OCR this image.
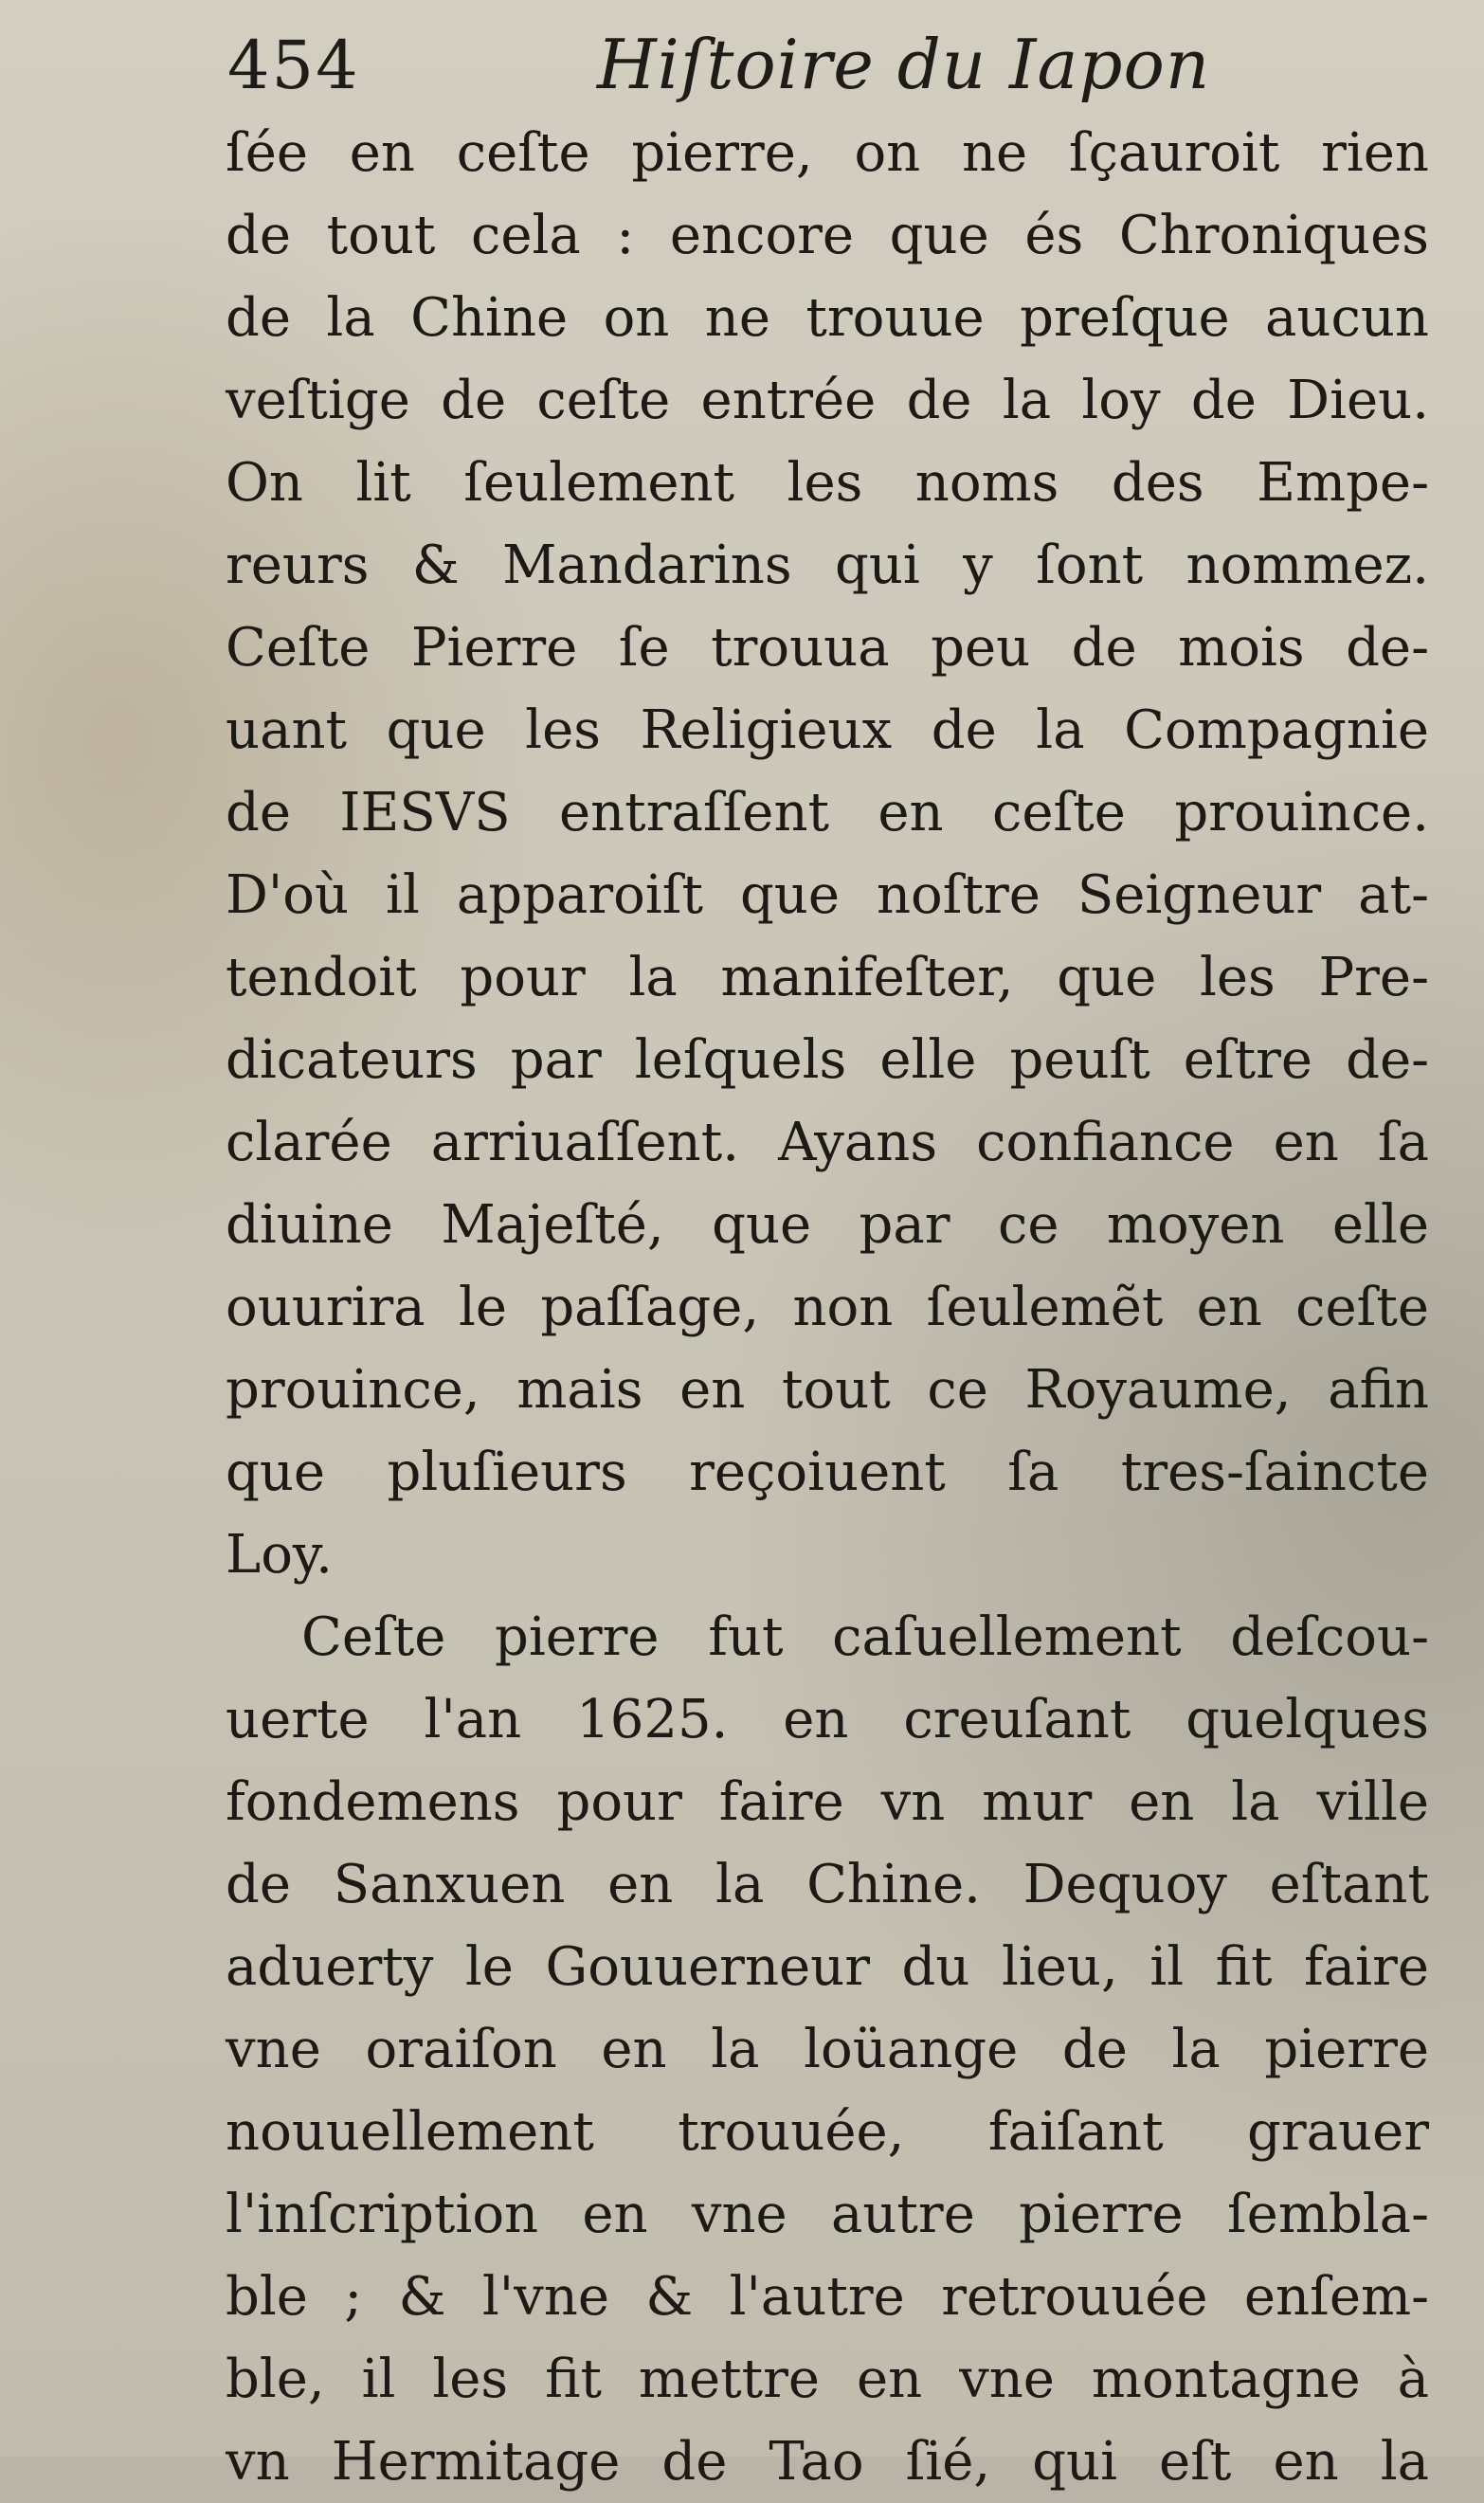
454	Hiſtoire du Iapon
ſée en ceſte pierre, on ne ſçauroit rien
de tout cela : encore que és Chroniques
de la Chine on ne trouue preſque aucun
veſtige de ceſte entrée de la loy de Dieu.
On lit ſeulement les noms des Empe-
reurs & Mandarins qui y ſont nommez.
Ceſte Pierre ſe trouua peu de mois de-
uant que les Religieux de la Compagnie
de IESVS entraſſent en ceſte prouince.
D'où il apparoiſt que noſtre Seigneur at-
tendoit pour la manifeſter, que les Pre-
dicateurs par leſquels elle peuſt eſtre de-
clarée arriuaſſent. Ayans confiance en ſa
diuine Majeſté, que par ce moyen elle
ouurira le paſſage, non ſeulemẽt en ceſte
prouince, mais en tout ce Royaume, afin
que pluſieurs reçoiuent ſa tres-ſaincte
Loy.
Ceſte pierre fut caſuellement deſcou-
uerte l'an 1625. en creuſant quelques
fondemens pour faire vn mur en la ville
de Sanxuen en la Chine. Dequoy eſtant
aduerty le Gouuerneur du lieu, il fit faire
vne oraiſon en la loüange de la pierre
nouuellement trouuée, faiſant grauer
l'inſcription en vne autre pierre ſembla-
ble ; & l'vne & l'autre retrouuée enſem-
ble, il les fit mettre en vne montagne à
vn Hermitage de Tao ſié, qui eſt en la
